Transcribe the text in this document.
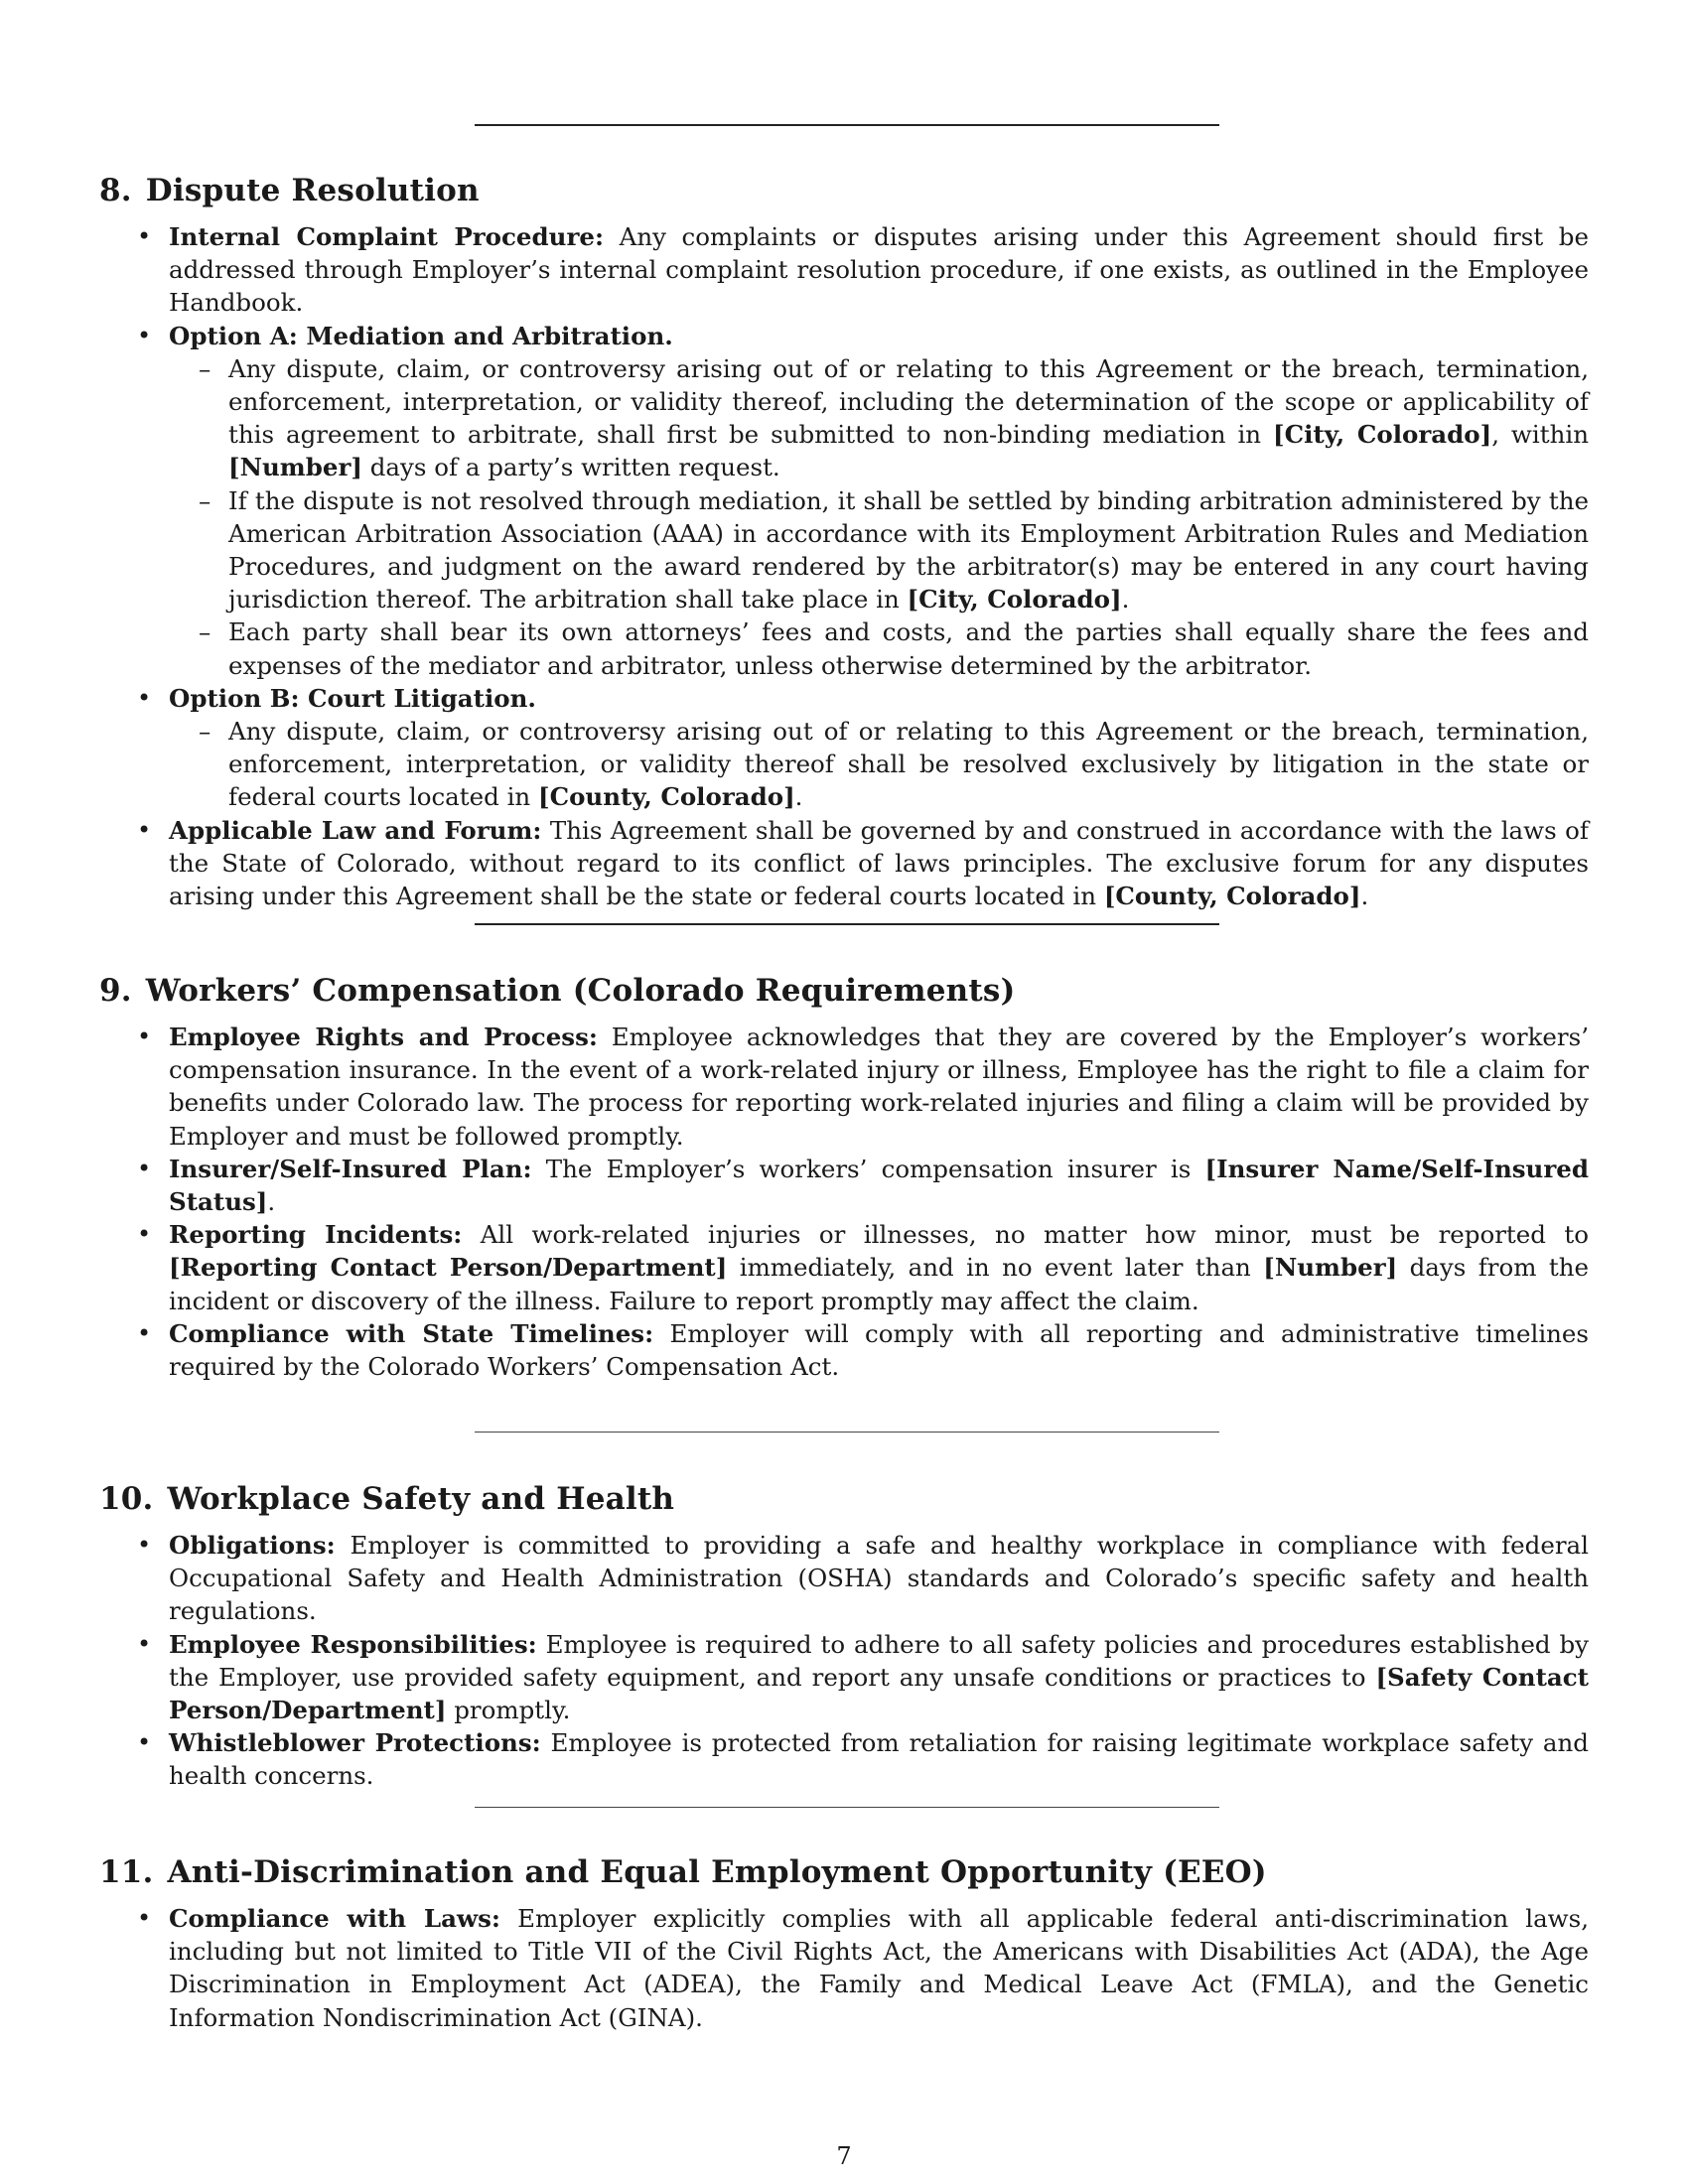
8. Dispute Resolution
• Internal Complaint Procedure: Any complaints or disputes arising under this Agreement should first be addressed through Employer’s internal complaint resolution procedure, if one exists, as outlined in the Employee Handbook.
• Option A: Mediation and Arbitration.
– Any dispute, claim, or controversy arising out of or relating to this Agreement or the breach, termination, enforcement, interpretation, or validity thereof, including the determination of the scope or applicability of this agreement to arbitrate, shall first be submitted to non-binding mediation in [City, Colorado], within [Number] days of a party’s written request.
– If the dispute is not resolved through mediation, it shall be settled by binding arbitration administered by the American Arbitration Association (AAA) in accordance with its Employment Arbitration Rules and Mediation Procedures, and judgment on the award rendered by the arbitrator(s) may be entered in any court having jurisdiction thereof. The arbitration shall take place in [City, Colorado].
– Each party shall bear its own attorneys’ fees and costs, and the parties shall equally share the fees and expenses of the mediator and arbitrator, unless otherwise determined by the arbitrator.
• Option B: Court Litigation.
– Any dispute, claim, or controversy arising out of or relating to this Agreement or the breach, termination, enforcement, interpretation, or validity thereof shall be resolved exclusively by litigation in the state or federal courts located in [County, Colorado].
• Applicable Law and Forum: This Agreement shall be governed by and construed in accordance with the laws of the State of Colorado, without regard to its conflict of laws principles. The exclusive forum for any disputes arising under this Agreement shall be the state or federal courts located in [County, Colorado].
9. Workers’ Compensation (Colorado Requirements)
• Employee Rights and Process: Employee acknowledges that they are covered by the Employer’s workers’ compensation insurance. In the event of a work-related injury or illness, Employee has the right to file a claim for benefits under Colorado law. The process for reporting work-related injuries and filing a claim will be provided by Employer and must be followed promptly.
• Insurer/Self-Insured Plan: The Employer’s workers’ compensation insurer is [Insurer Name/Self-Insured Status].
• Reporting Incidents: All work-related injuries or illnesses, no matter how minor, must be reported to [Reporting Contact Person/Department] immediately, and in no event later than [Number] days from the incident or discovery of the illness. Failure to report promptly may affect the claim.
• Compliance with State Timelines: Employer will comply with all reporting and administrative timelines required by the Colorado Workers’ Compensation Act.
10. Workplace Safety and Health
• Obligations: Employer is committed to providing a safe and healthy workplace in compliance with federal Occupational Safety and Health Administration (OSHA) standards and Colorado’s specific safety and health regulations.
• Employee Responsibilities: Employee is required to adhere to all safety policies and procedures established by the Employer, use provided safety equipment, and report any unsafe conditions or practices to [Safety Contact Person/Department] promptly.
• Whistleblower Protections: Employee is protected from retaliation for raising legitimate workplace safety and health concerns.
11. Anti-Discrimination and Equal Employment Opportunity (EEO)
• Compliance with Laws: Employer explicitly complies with all applicable federal anti-discrimination laws, including but not limited to Title VII of the Civil Rights Act, the Americans with Disabilities Act (ADA), the Age Discrimination in Employment Act (ADEA), the Family and Medical Leave Act (FMLA), and the Genetic Information Nondiscrimination Act (GINA).
7
